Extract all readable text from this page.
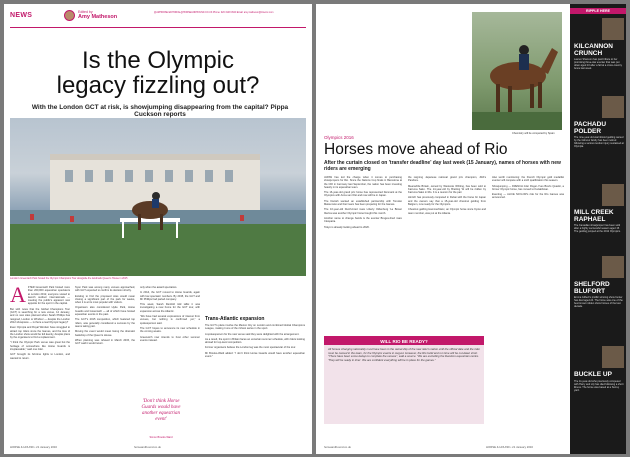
NEWS	Edited by
Amy Matheson
@AMHORSE EDITORIAL@HORSEANDHOUND.CO.UK Phone: 020 3148 4540 Email: amy.matheson@timeinc.com
Is the Olympic
legacy fizzling out?
With the London GCT at risk, is showjumping disappearing from the capital? Pippa Cuckson reports
London's Greenwich Park hosted the Olympic Champions Tour alongside the landmark Queen's House in 2015
A FTER Greenwich Park hosted more than 200,000 equestrian spectators at London 2012, everyone vowed to launch outdoor internationals — meeting the public's apparent new appetite for the sport in the capital.

But with news that the Global Champions Tour (GCT) is searching for a new venue, 14 January, and no new sites planned when Sarah Phillips has resigned, London or Windsor — despite the London 2012 showpiece — is there a real Olympic legacy?

Even Olympia and Royal Windsor have struggled to attract top riders since the Games, and the loss of the London show would be felt keenly, despite plans by the organisers to find a replacement.

"I think the Olympic Park venue was great but the heritage of somewhere like Horse Guards is irreplaceable," said one rider.

GCT brought its full-time lights to London, and wanted to return.

Syon Park was among many venues approached, with GCT expected to confirm its decision shortly.

Existing to find the proposed sites would mean closing a significant part of the park for weeks, when it is at its most popular with visitors.

Organisers also considered Hyde Park, Horse Guards and Greenwich — all of which have hosted equestrian events in the past.

The GCT's 2015 competition, which featured top riders, was generally considered a success by the teams taking part.

Moving the event would mean losing the dramatic backdrop of the Queen's House.

When planning was refused in March 2015, the GCT said it would return.

only when the award spectators.

In 2014, the GCT moved to Horse Guards, again with low spectator numbers. By 2015, the GCT and Mr Phillips had parted company.

This week, Sarah Renfold told H&H it was investigating a new home for the GCT tour, with expansion across the Atlantic.

"We have had several expressions of interest from venues, but nothing is confirmed yet," a spokesperson said.

The GCT hopes to announce its new schedule in the coming weeks.

Greenwich now intends to host other summer events instead.

'Don't think Horse Guards would have another equestrian event'
Simon Brooks-Ward
Trans-Atlantic expansion

The GCT's plans involve the Mexico City on London and combined Global Champions League, making it one of the richest series in the sport.

A spokesperson for the new venue said they were delighted with the arrangement.

As a result, the sport in Britain faces an uncertain summer schedule, with riders looking abroad for top-level competition.

Former organisers believe the London leg was the most spectacular of the tour.

Mr Brooks-Ward added: "I don't think Horse Guards would have another equestrian event."

HORSE & HOUND • 21 January 2016	horseandhound.co.uk
Chemistry will be competed by Spain
Olympics 2016
Horses move ahead of Rio
After the curtain closed on 'transfer deadline' day last week (15 January), names of horses with new riders are emerging

JAPAN has led the charge when it comes to purchasing showjumpers for Rio. Since the Nations Cup finals in Barcelona at the CDI in Germany last September, the nation has been investing heavily in its equestrian team.

The 16-year-old grand prix horse has represented Denmark at the Olympics with Anna van Olst and now will be in Japan.

The Danish wanted an established partnership with Tomoko Matsumoto and their team has been preparing for the Games.

The 10-year-old Dutch-bred mare Liberty Oldenburg 'La Brava' Iberica was another Olympic horse bought this month.

Another name to change hands is the eventer Bruges-bred mare Cleopatra.

Tokyo is already looking ahead to 2020.

WILL RIO BE READY?
All horses changing nationality must have been in the ownership of the new rider's nation until the official date and the rider must be named in the team, for the Olympic events in August. However, the Rio build and run time will be cut-dawn short. "There have been some delays to complete the venues", said a source. "We are excluding the Deodoro equestrian centre. 'They will be ready in time'. We are confident everything will be in place for the games."

the reigning Japanese national grand prix champion, JRA's Pandora.

Meanwhile Britain, owned by Westcote Whiting, has been sold to Kazuma Sako. The 14-year-old by Bretting W will be ridden by Kazuma Sako in Rio. It is a reunion for the pair.

Hinrich has previously competed in Dubai with the horse for Japan and the owners say that a 15-year-old chestnut gelding from Belgium, now ready for the Olympics.

Chestnut gelding Hammerblanc, an Olympic horse since Kyoto and team member, was put at the Atlanta.

Also worth mentioning: the French Olympic gold medallist eventer will compete with a sixth qualification this season.

Showjumping — FRENCH rider Roger-Yves Bost's Quador, a former Olympic horse, has moved to Kazakhstan.

Eventing — ALICE NAYLOR's ride for the Rio Games was announced.

RIPPLE HERE
KILCANNON CRUNCH

Lauren Shannon has paid tribute to her promising three-star eventer that was put down aged 10 after a fall at a cross-country fence last week.

PACHADU POLDER

The nine-year-old warmblood gelding owned by the Gilmour family has been retired following a serious tendon injury sustained at Olympia.

MILL CREEK RAPHAEL

The Canadian showjumper has been sold after a highly successful season aged 15. The gelding jumped at the 2012 Olympics.

SHELFORD BLUFORT

Emma Gilbert's prolific winning show hunter has died aged 24. The horse was one of the best known ridden show horses of the last decade.

BUCKLE UP

The 11-year-old who previously competed with Harry and Lily has died following a short illness. The horse was based at a Surrey yard.

horseandhound.co.uk	HORSE & HOUND • 21 January 2016
